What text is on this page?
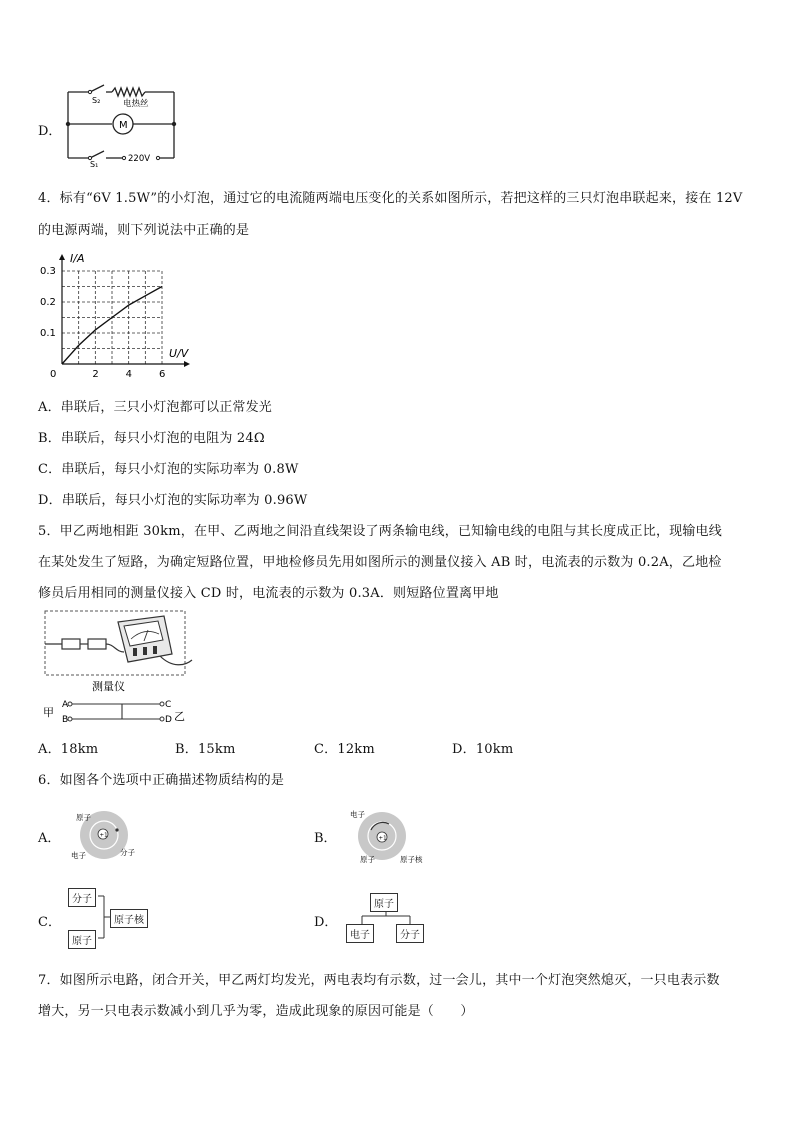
D．
S₂	电热丝
M
S₁
220V
4．标有“6V 1.5W”的小灯泡，通过它的电流随两端电压变化的关系如图所示，若把这样的三只灯泡串联起来，接在 12V
的电源两端，则下列说法中正确的是
0	2	4	6
0.1
0.2
0.3
I/A
U/V
A．串联后，三只小灯泡都可以正常发光
B．串联后，每只小灯泡的电阻为 24Ω
C．串联后，每只小灯泡的实际功率为 0.8W
D．串联后，每只小灯泡的实际功率为 0.96W
5．甲乙两地相距 30km，在甲、乙两地之间沿直线架设了两条输电线，已知输电线的电阻与其长度成正比，现输电线
在某处发生了短路，为确定短路位置，甲地检修员先用如图所示的测量仪接入 AB 时，电流表的示数为 0.2A，乙地检
修员后用相同的测量仪接入 CD 时，电流表的示数为 0.3A．则短路位置离甲地
A
B
C
D
测量仪
甲	乙
A．18km	B．15km	C．12km	D．10km
6．如图各个选项中正确描述物质结构的是
A．	+1
原子
电子	分子
B．	+1
电子
原子	原子核
C．
分子
原子核
原子
D．
原子
电子	分子
7．如图所示电路，闭合开关，甲乙两灯均发光，两电表均有示数，过一会儿，其中一个灯泡突然熄灭，一只电表示数
增大，另一只电表示数减小到几乎为零，造成此现象的原因可能是（　　）
